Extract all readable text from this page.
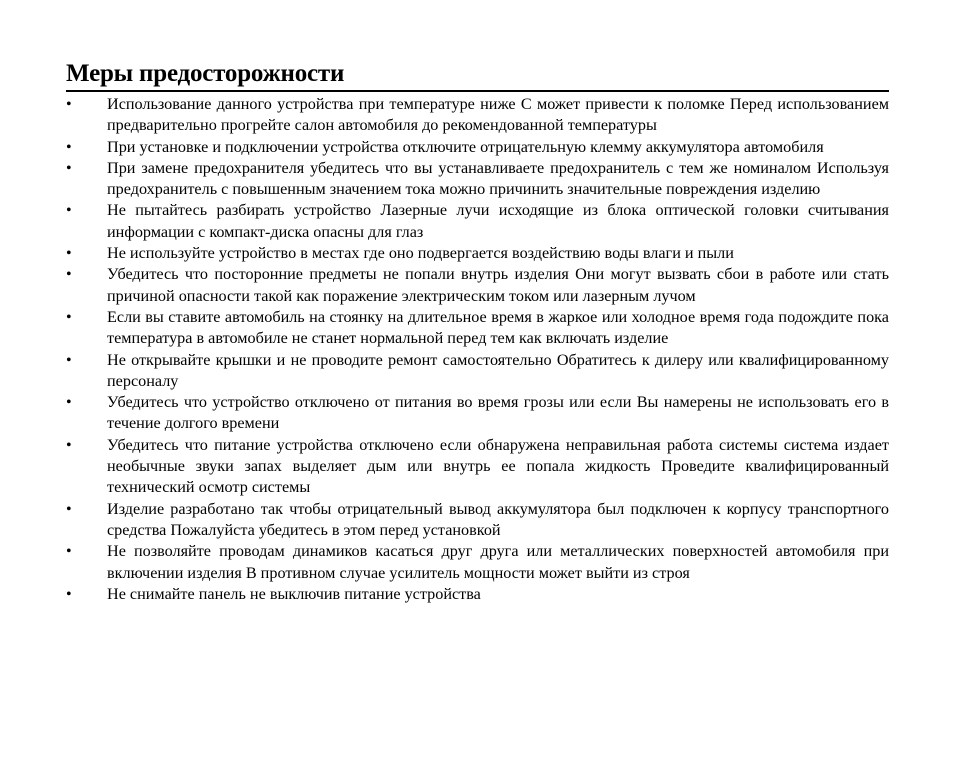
Меры предосторожности
• Использование данного устройства при температуре ниже С может привести к поломке Перед использованием предварительно прогрейте салон автомобиля до рекомендованной температуры
• При установке и подключении устройства отключите отрицательную клемму аккумулятора автомобиля
• При замене предохранителя убедитесь что вы устанавливаете предохранитель с тем же номиналом Используя предохранитель с повышенным значением тока можно причинить значительные повреждения изделию
• Не пытайтесь разбирать устройство Лазерные лучи исходящие из блока оптической головки считывания информации с компакт-диска опасны для глаз
• Не используйте устройство в местах где оно подвергается воздействию воды влаги и пыли
• Убедитесь что посторонние предметы не попали внутрь изделия Они могут вызвать сбои в работе или стать причиной опасности такой как поражение электрическим током или лазерным лучом
• Если вы ставите автомобиль на стоянку на длительное время в жаркое или холодное время года подождите пока температура в автомобиле не станет нормальной перед тем как включать изделие
• Не открывайте крышки и не проводите ремонт самостоятельно Обратитесь к дилеру или квалифицированному персоналу
• Убедитесь что устройство отключено от питания во время грозы или если Вы намерены не использовать его в течение долгого времени
• Убедитесь что питание устройства отключено если обнаружена неправильная работа системы система издает необычные звуки запах выделяет дым или внутрь ее попала жидкость Проведите квалифицированный технический осмотр системы
• Изделие разработано так чтобы отрицательный вывод аккумулятора был подключен к корпусу транспортного средства Пожалуйста убедитесь в этом перед установкой
• Не позволяйте проводам динамиков касаться друг друга или металлических поверхностей автомобиля при включении изделия В противном случае усилитель мощности может выйти из строя
• Не снимайте панель не выключив питание устройства
